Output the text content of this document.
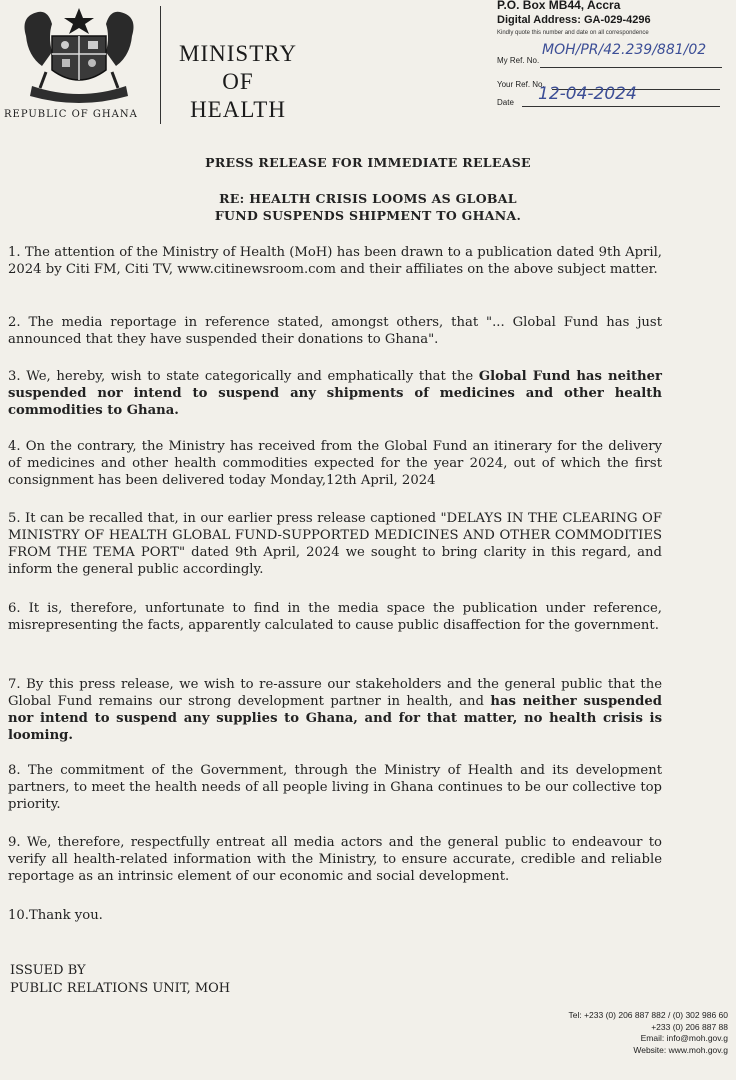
REPUBLIC OF GHANA
MINISTRY
OF
HEALTH
P.O. Box MB44, Accra
Digital Address: GA-029-4296
Kindly quote this number and date on all correspondence
My Ref. No.
MOH/PR/42.239/881/02
Your Ref. No.
Date 12-04-2024
PRESS RELEASE FOR IMMEDIATE RELEASE
RE: HEALTH CRISIS LOOMS AS GLOBAL
FUND SUSPENDS SHIPMENT TO GHANA.
1. The attention of the Ministry of Health (MoH) has been drawn to a publication dated 9th April, 2024 by Citi FM, Citi TV, www.citinewsroom.com and their affiliates on the above subject matter.
2. The media reportage in reference stated, amongst others, that "... Global Fund has just announced that they have suspended their donations to Ghana".
3. We, hereby, wish to state categorically and emphatically that the Global Fund has neither suspended nor intend to suspend any shipments of medicines and other health commodities to Ghana.
4. On the contrary, the Ministry has received from the Global Fund an itinerary for the delivery of medicines and other health commodities expected for the year 2024, out of which the first consignment has been delivered today Monday,12th April, 2024
5. It can be recalled that, in our earlier press release captioned "DELAYS IN THE CLEARING OF MINISTRY OF HEALTH GLOBAL FUND-SUPPORTED MEDICINES AND OTHER COMMODITIES FROM THE TEMA PORT" dated 9th April, 2024 we sought to bring clarity in this regard, and inform the general public accordingly.
6. It is, therefore, unfortunate to find in the media space the publication under reference, misrepresenting the facts, apparently calculated to cause public disaffection for the government.
7. By this press release, we wish to re-assure our stakeholders and the general public that the Global Fund remains our strong development partner in health, and has neither suspended nor intend to suspend any supplies to Ghana, and for that matter, no health crisis is looming.
8. The commitment of the Government, through the Ministry of Health and its development partners, to meet the health needs of all people living in Ghana continues to be our collective top priority.
9. We, therefore, respectfully entreat all media actors and the general public to endeavour to verify all health-related information with the Ministry, to ensure accurate, credible and reliable reportage as an intrinsic element of our economic and social development.
10.Thank you.
ISSUED BY
PUBLIC RELATIONS UNIT, MOH
Tel: +233 (0) 206 887 882 / (0) 302 986 60
+233 (0) 206 887 88
Email: info@moh.gov.g
Website: www.moh.gov.g
